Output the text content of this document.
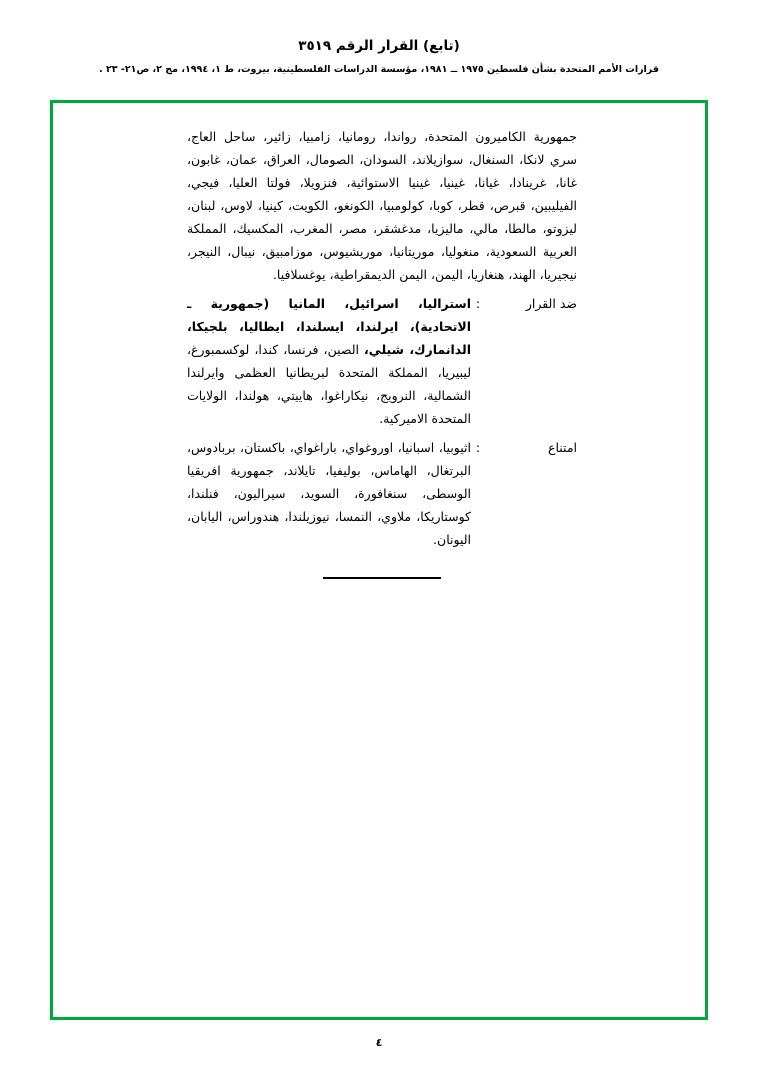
(تابع) القرار الرقم ٣٥١٩
قرارات الأمم المتحدة بشأن فلسطين ١٩٧٥ ــ ١٩٨١، مؤسسة الدراسات الفلسطينية، بيروت، ط ١، ١٩٩٤، مج ٢، ص٢١- ٢٣ .

جمهورية الكاميرون المتحدة، رواندا، رومانيا، زامبيا، زائير، ساحل العاج، سري لانكا، السنغال، سوازيلاند، السودان، الصومال، العراق، عمان، غابون، غانا، غرينادا، غيانا، غينيا، غينيا الاستوائية، فنزويلا، فولتا العليا، فيجي، الفيليبين، قبرص، قطر، كوبا، كولومبيا، الكونغو، الكويت، كينيا، لاوس، لبنان، ليزوتو، مالطا، مالي، ماليزيا، مدغشقر، مصر، المغرب، المكسيك، المملكة العربية السعودية، منغوليا، موريتانيا، موريشيوس، موزامبيق، نيبال، النيجر، نيجيريا، الهند، هنغاريا، اليمن، اليمن الديمقراطية، يوغسلافيا.

ضد القرار
:
استراليا، اسرائيل، المانيا (جمهورية ـ الاتحادية)، ايرلندا، ايسلندا، ايطاليا، بلجيكا، الدانمارك، شيلي، الصين، فرنسا، كندا، لوكسمبورغ، ليبيريا، المملكة المتحدة لبريطانيا العظمى وايرلندا الشمالية، النرويج، نيكاراغوا، هاييتي، هولندا، الولايات المتحدة الاميركية.
امتناع
:
اثيوبيا، اسبانيا، اوروغواي، باراغواي، باكستان، بربادوس، البرتغال، الهاماس، بوليفيا، تايلاند، جمهورية افريقيا الوسطى، سنغافورة، السويد، سيراليون، فنلندا، كوستاريكا، ملاوي، النمسا، نيوزيلندا، هندوراس، اليابان، اليونان.
٤
